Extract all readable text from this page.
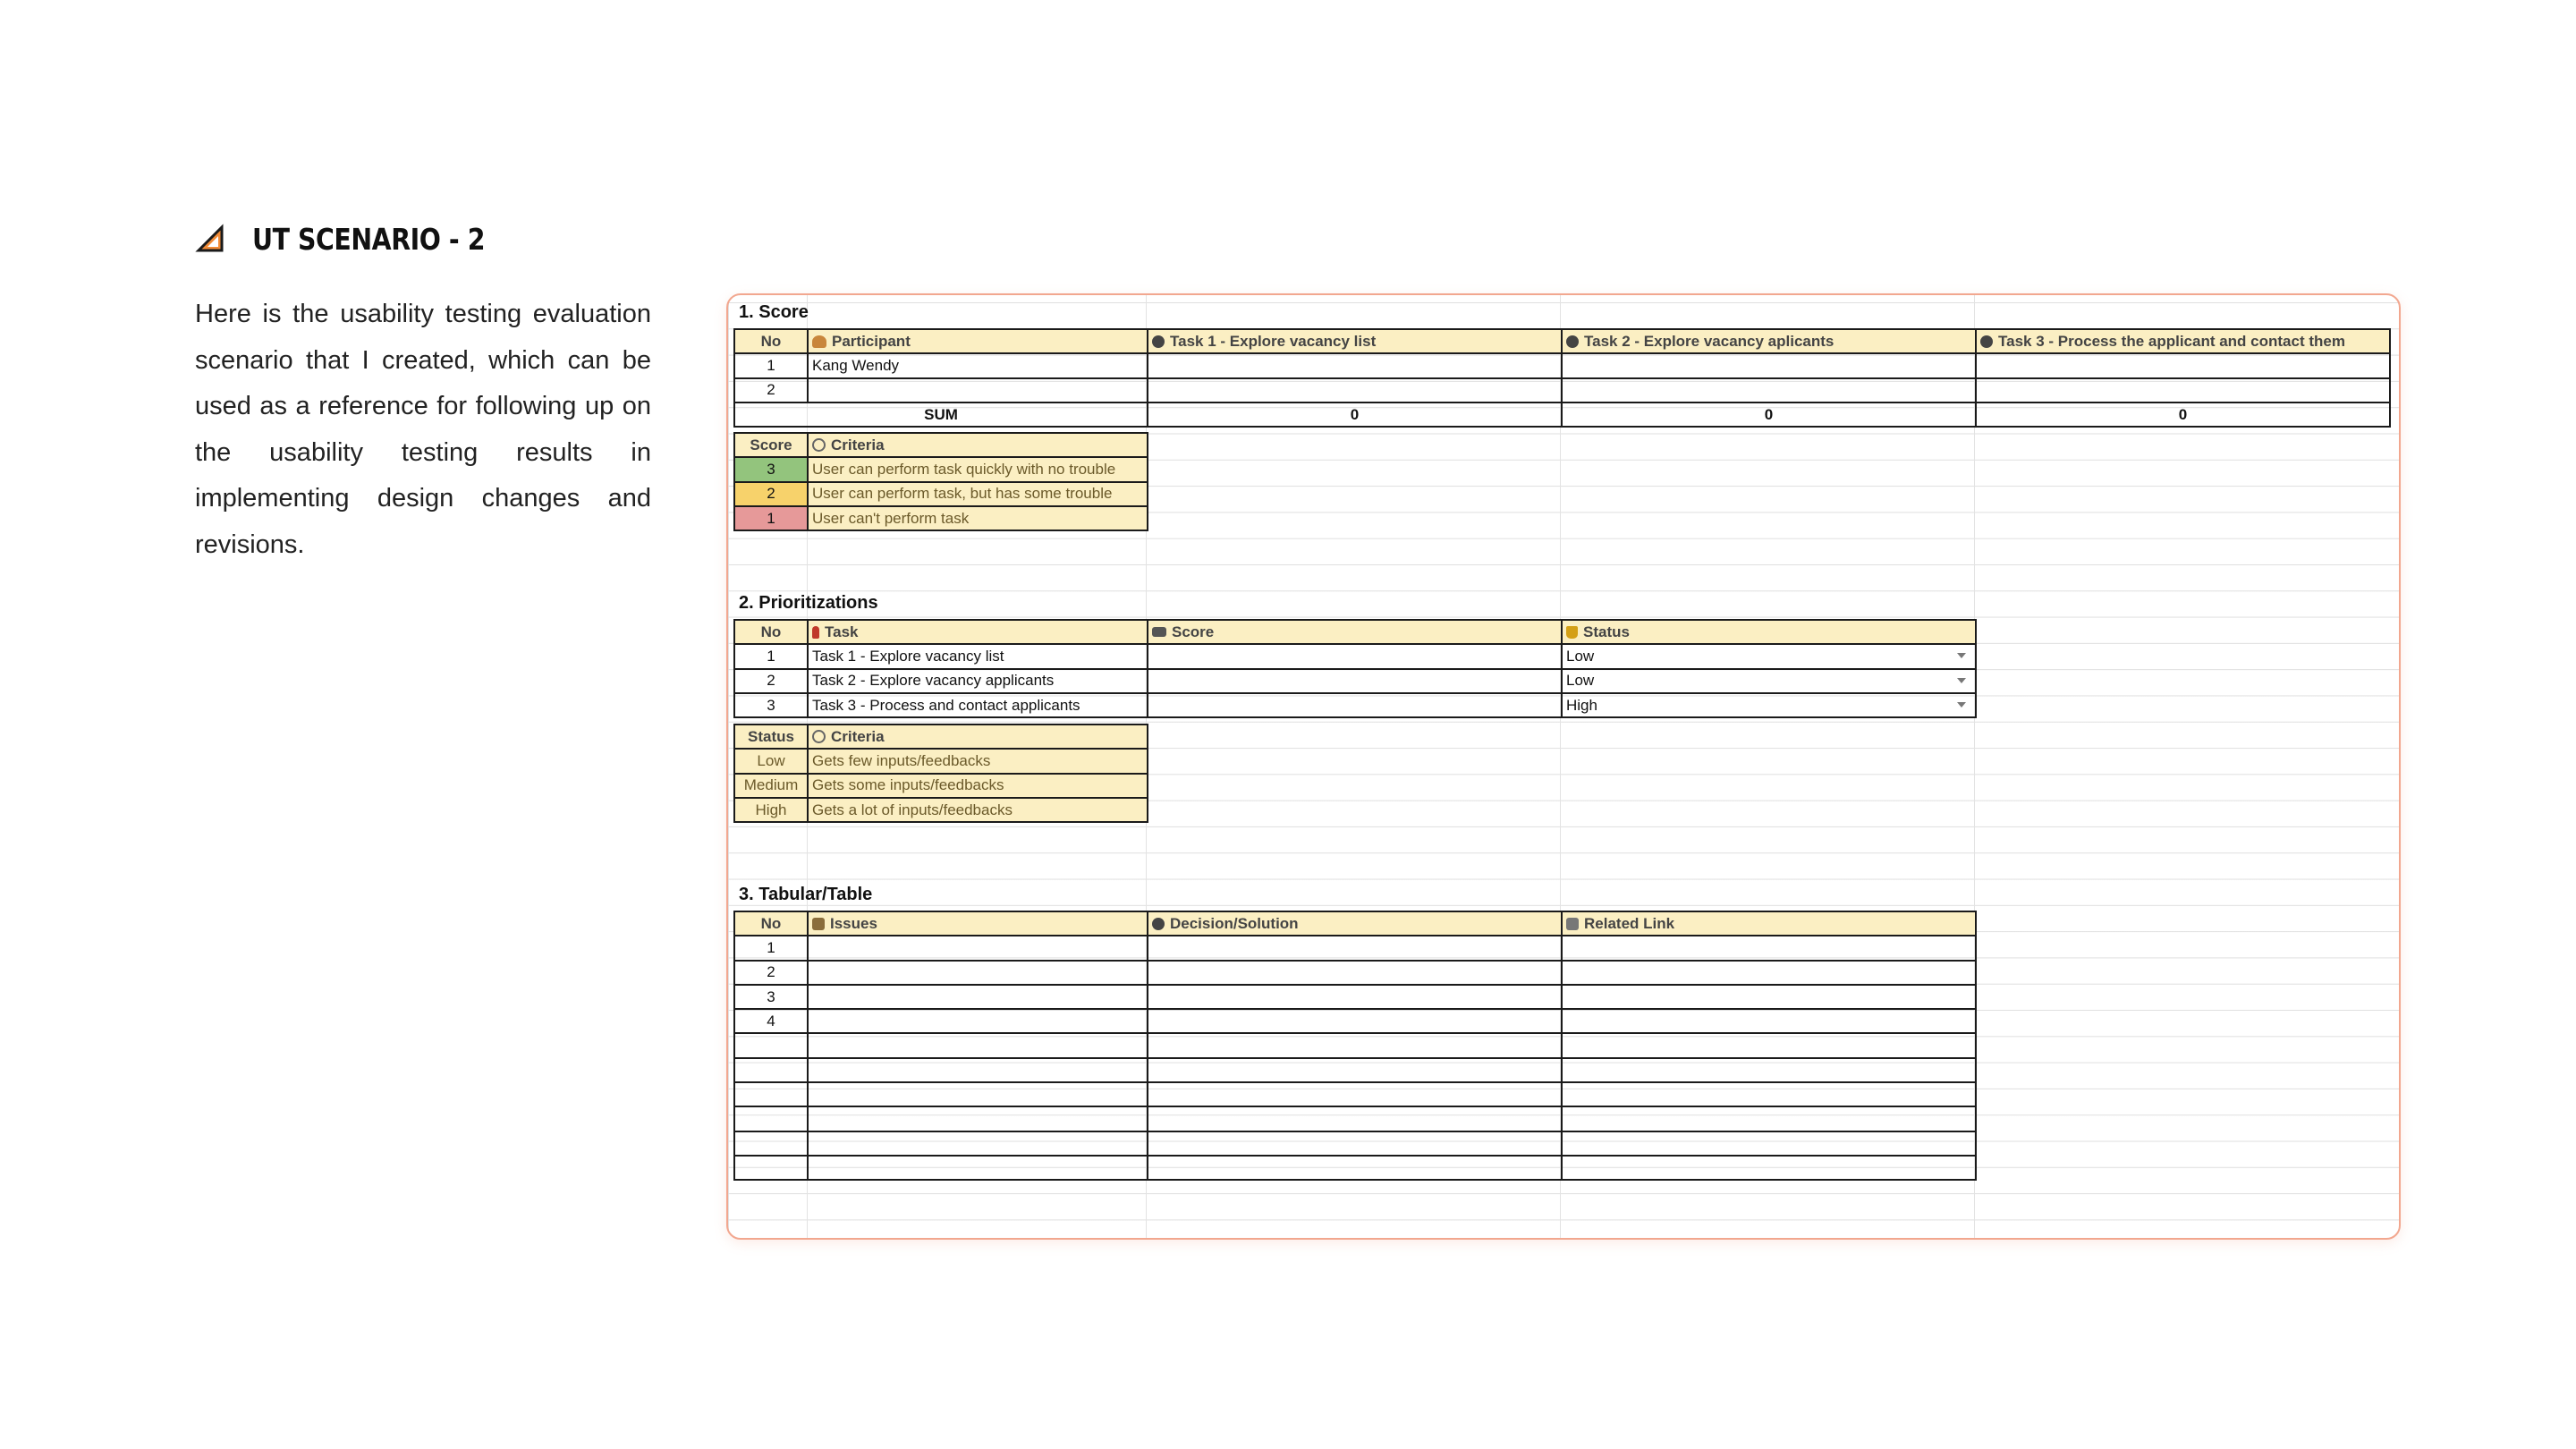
UT SCENARIO - 2

Here is the usability testing evaluation scenario that I created, which can be used as a reference for following up on the usability testing results in implementing design changes and revisions.

1. Score
No	Participant	Task 1 - Explore vacancy list	Task 2 - Explore vacancy aplicants	Task 3 - Process the applicant and contact them
1	Kang Wendy			
2				
SUM		0	0	0
Score	Criteria
3	User can perform task quickly with no trouble
2	User can perform task, but has some trouble
1	User can't perform task
2. Prioritizations
No	Task	Score	Status
1	Task 1 - Explore vacancy list		Low

2	Task 2 - Explore vacancy applicants		Low

3	Task 3 - Process and contact applicants		High
Status	Criteria
Low	Gets few inputs/feedbacks
Medium	Gets some inputs/feedbacks
High	Gets a lot of inputs/feedbacks
3. Tabular/Table
No	Issues	Decision/Solution	Related Link
1			
2			
3			
4			
